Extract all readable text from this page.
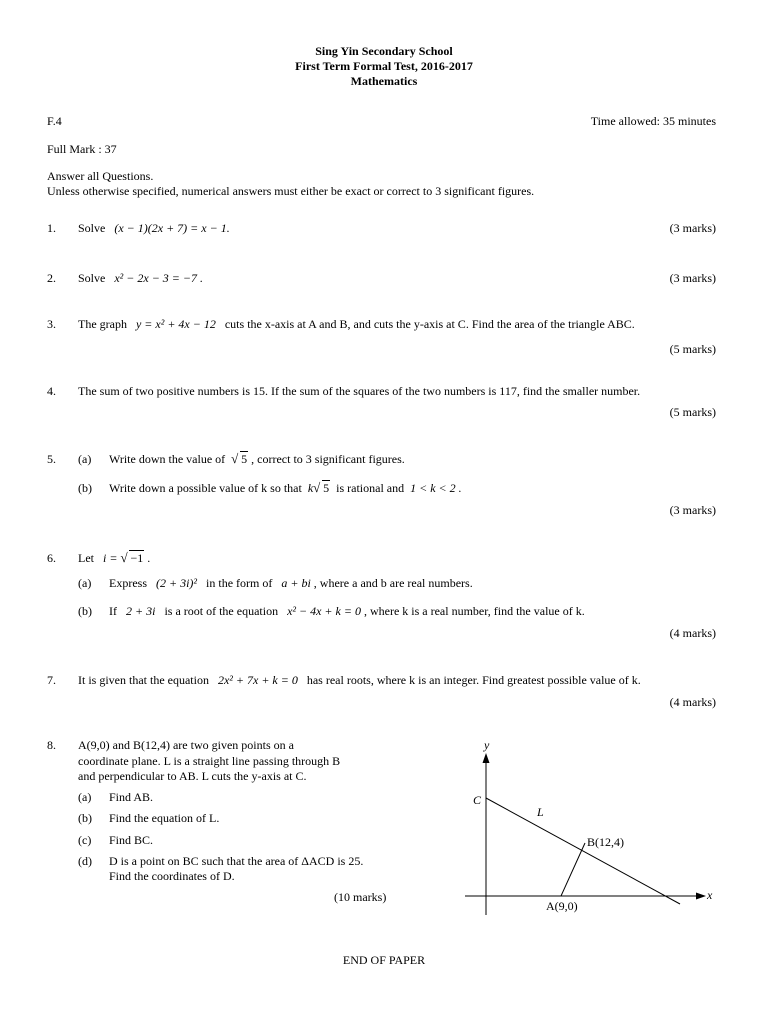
Sing Yin Secondary School
First Term Formal Test, 2016-2017
Mathematics
F.4	Time allowed: 35 minutes
Full Mark : 37
Answer all Questions.
Unless otherwise specified, numerical answers must either be exact or correct to 3 significant figures.
1. Solve (x − 1)(2x + 7) = x − 1.	(3 marks)
2. Solve x² − 2x − 3 = −7 .	(3 marks)
3. The graph y = x² + 4x − 12 cuts the x-axis at A and B, and cuts the y-axis at C. Find the area of the triangle ABC.
(5 marks)
4. The sum of two positive numbers is 15. If the sum of the squares of the two numbers is 117, find the smaller number.
(5 marks)
5. (a) Write down the value of √ 5 , correct to 3 significant figures.
(b) Write down a possible value of k so that k √ 5 is rational and 1 < k < 2 .
(3 marks)
6. Let i = √ −1 .
(a) Express (2 + 3i)² in the form of a + bi , where a and b are real numbers.
(b) If 2 + 3i is a root of the equation x² − 4x + k = 0 , where k is a real number, find the value of k.
(4 marks)
7. It is given that the equation 2x² + 7x + k = 0 has real roots, where k is an integer. Find greatest possible value of k.
(4 marks)
8. A(9,0) and B(12,4) are two given points on a
coordinate plane. L is a straight line passing through B
and perpendicular to AB. L cuts the y-axis at C.
(a) Find AB.
(b) Find the equation of L.
(c) Find BC.
(d) D is a point on BC such that the area of ΔACD is 25.
Find the coordinates of D.
(10 marks)
y
x
C
L
B(12,4)
A(9,0)
END OF PAPER
